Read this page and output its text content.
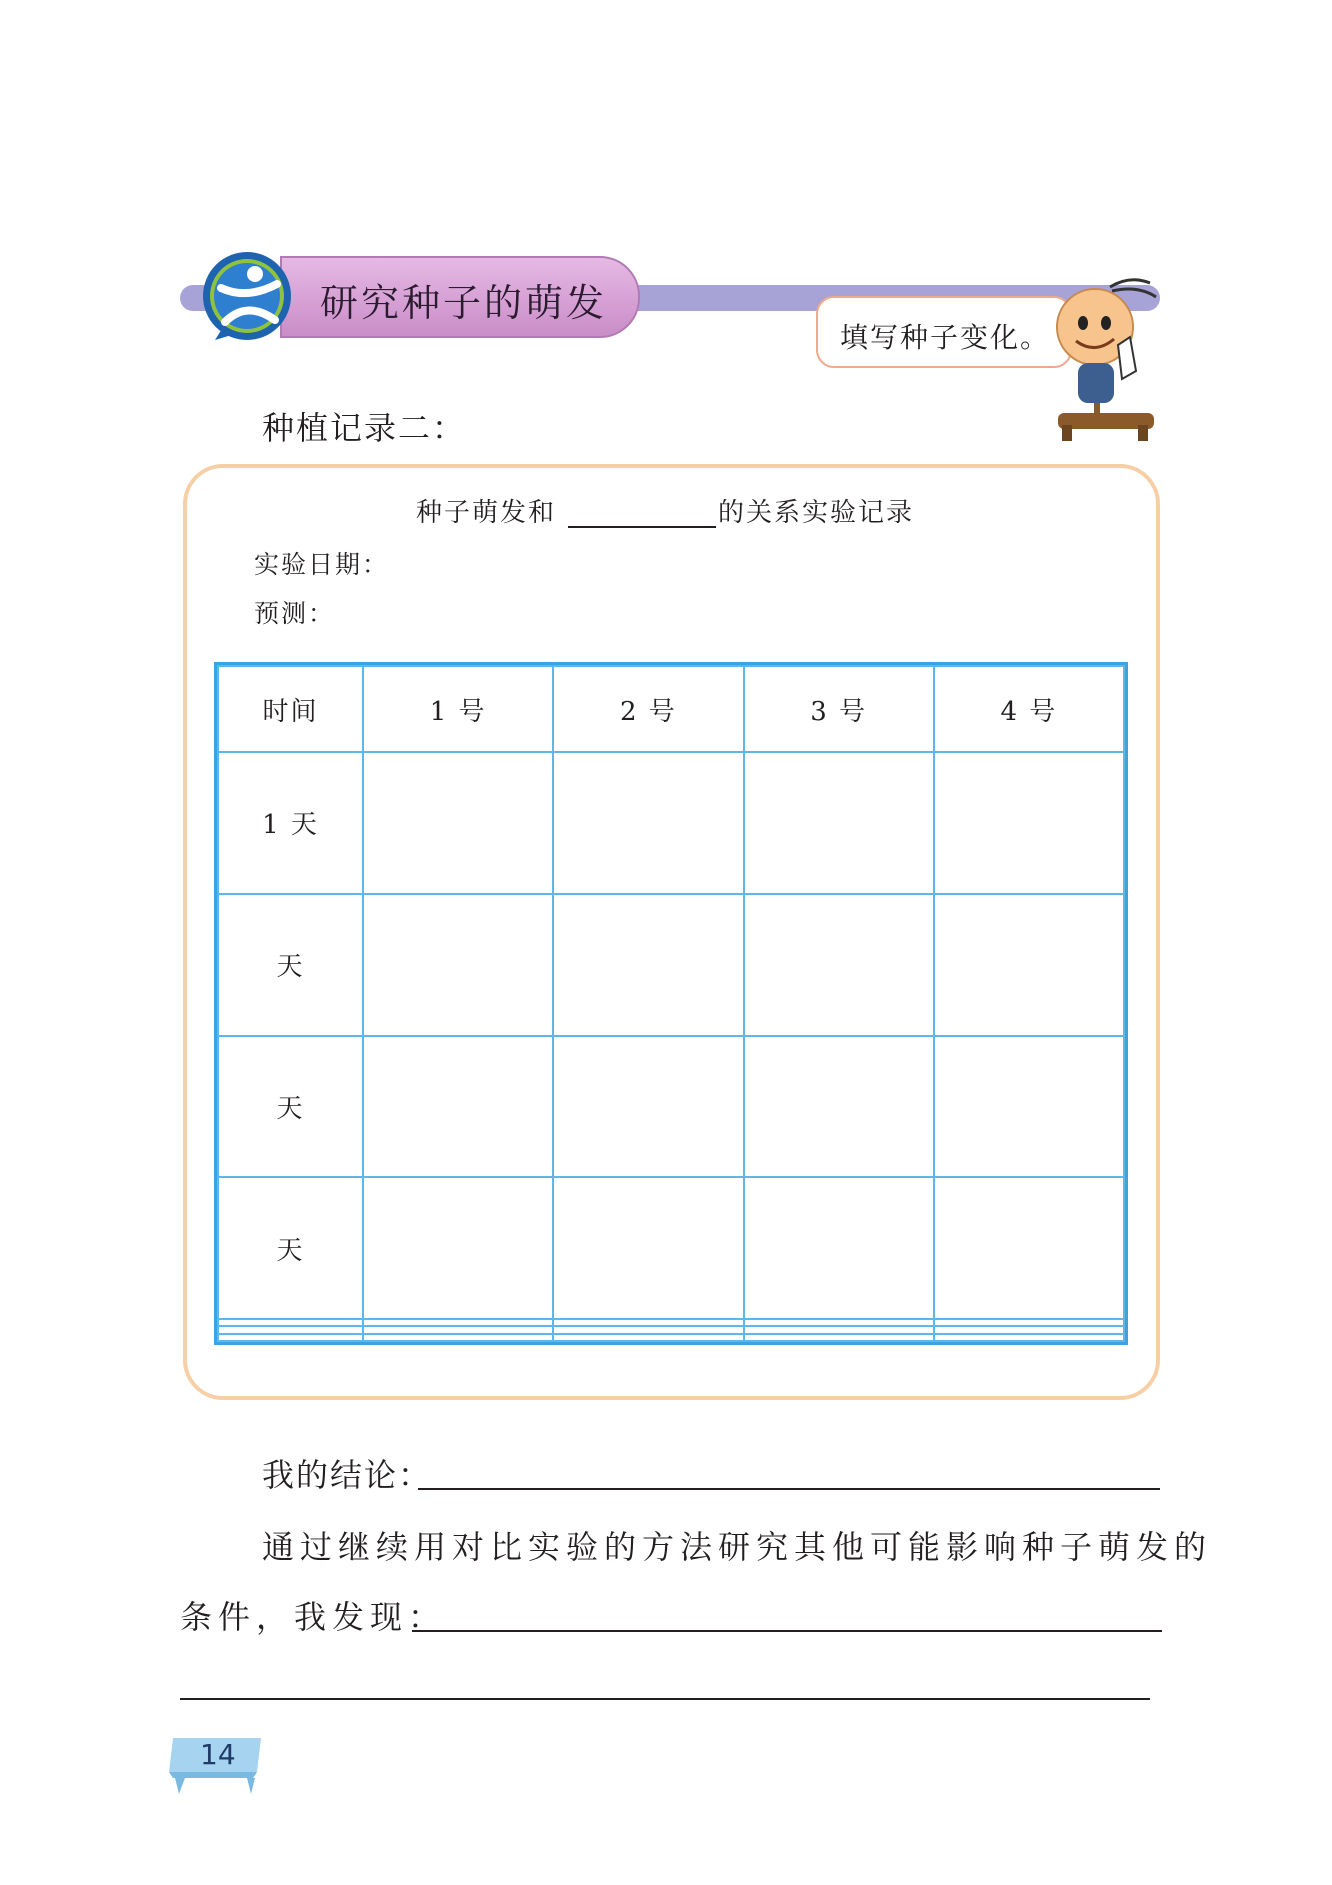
研究种子的萌发
填写种子变化。
种植记录二：
种子萌发和	的关系实验记录
实验日期：
预测：
时间	1 号	2 号	3 号	4 号
1 天				
天				
天				
天				

我的结论：
通过继续用对比实验的方法研究其他可能影响种子萌发的
条件，我发现：
14
